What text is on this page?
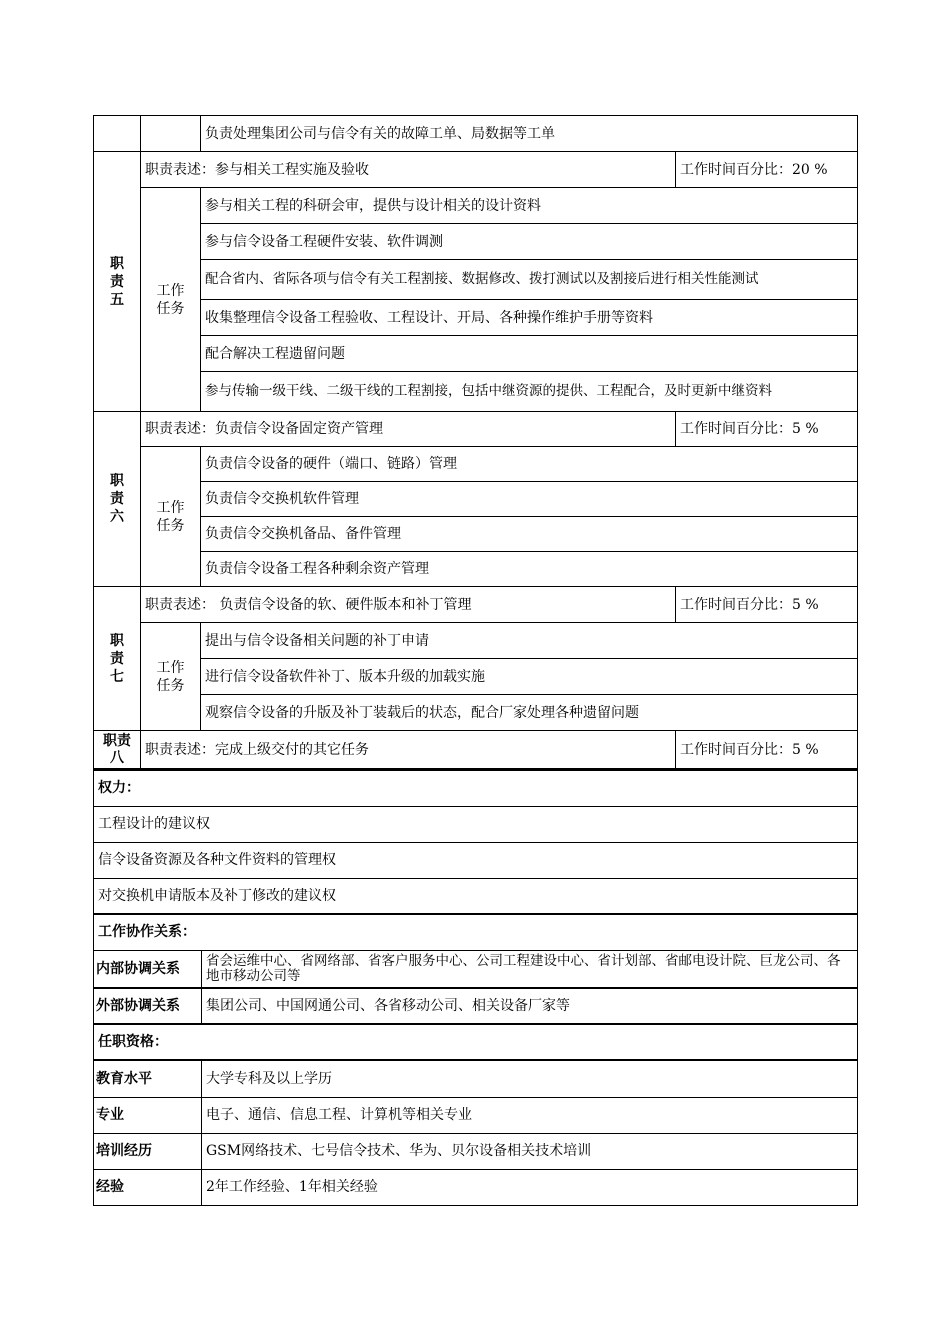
		负责处理集团公司与信令有关的故障工单、局数据等工单	
职
责
五	职责表述：参与相关工程实施及验收		工作时间百分比：20 %
	工作
任务	参与相关工程的科研会审，提供与设计相关的设计资料	
		参与信令设备工程硬件安装、软件调测	
		配合省内、省际各项与信令有关工程割接、数据修改、拨打测试以及割接后进行相关性能测试	
		收集整理信令设备工程验收、工程设计、开局、各种操作维护手册等资料	
		配合解决工程遗留问题	
		参与传输一级干线、二级干线的工程割接，包括中继资源的提供、工程配合，及时更新中继资料	
职
责
六	职责表述：负责信令设备固定资产管理		工作时间百分比：5 %
	工作
任务	负责信令设备的硬件（端口、链路）管理	
		负责信令交换机软件管理	
		负责信令交换机备品、备件管理	
		负责信令设备工程各种剩余资产管理	
职
责
七	职责表述： 负责信令设备的软、硬件版本和补丁管理		工作时间百分比：5 %
	工作
任务	提出与信令设备相关问题的补丁申请	
		进行信令设备软件补丁、版本升级的加载实施	
		观察信令设备的升版及补丁装载后的状态，配合厂家处理各种遗留问题	
职责
八	职责表述：完成上级交付的其它任务		工作时间百分比：5 %
权力：	
工程设计的建议权	
信令设备资源及各种文件资料的管理权	
对交换机申请版本及补丁修改的建议权	
工作协作关系：	
内部协调关系	省会运维中心、省网络部、省客户服务中心、公司工程建设中心、省计划部、省邮电设计院、巨龙公司、各地市移动公司等
外部协调关系	集团公司、中国网通公司、各省移动公司、相关设备厂家等
任职资格：	
教育水平	大学专科及以上学历
专业	电子、通信、信息工程、计算机等相关专业
培训经历	GSM网络技术、七号信令技术、华为、贝尔设备相关技术培训
经验	2年工作经验、1年相关经验
